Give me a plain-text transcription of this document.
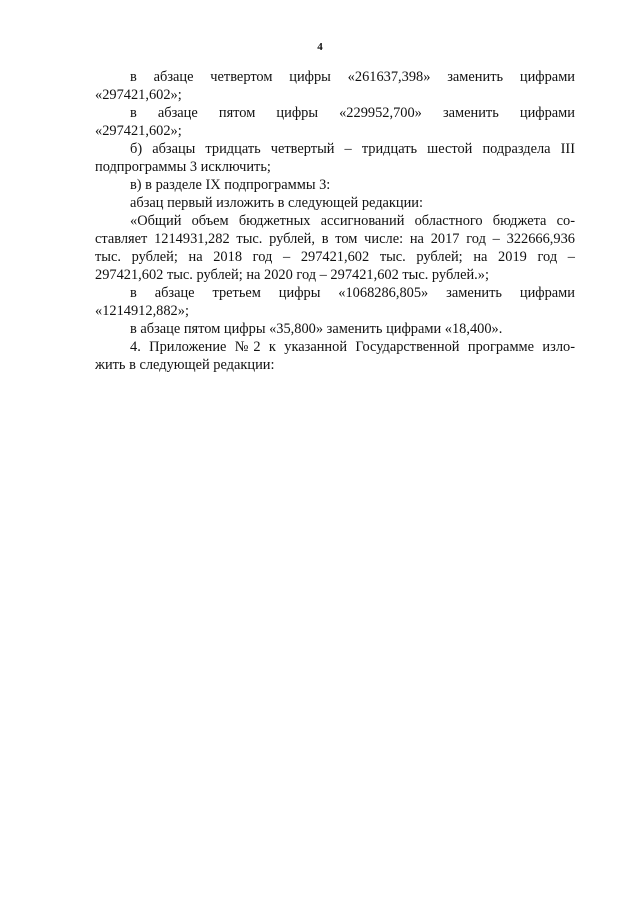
4
в абзаце четвертом цифры «261637,398» заменить цифрами
«297421,602»;
в абзаце пятом цифры «229952,700» заменить цифрами
«297421,602»;
б) абзацы тридцать четвертый – тридцать шестой подраздела III
подпрограммы 3 исключить;
в) в разделе IX подпрограммы 3:
абзац первый изложить в следующей редакции:
«Общий объем бюджетных ассигнований областного бюджета со-
ставляет 1214931,282 тыс. рублей, в том числе: на 2017 год – 322666,936
тыс. рублей; на 2018 год – 297421,602 тыс. рублей; на 2019 год –
297421,602 тыс. рублей; на 2020 год – 297421,602 тыс. рублей.»;
в абзаце третьем цифры «1068286,805» заменить цифрами
«1214912,882»;
в абзаце пятом цифры «35,800» заменить цифрами «18,400».
4. Приложение №2 к указанной Государственной программе изло-
жить в следующей редакции:
